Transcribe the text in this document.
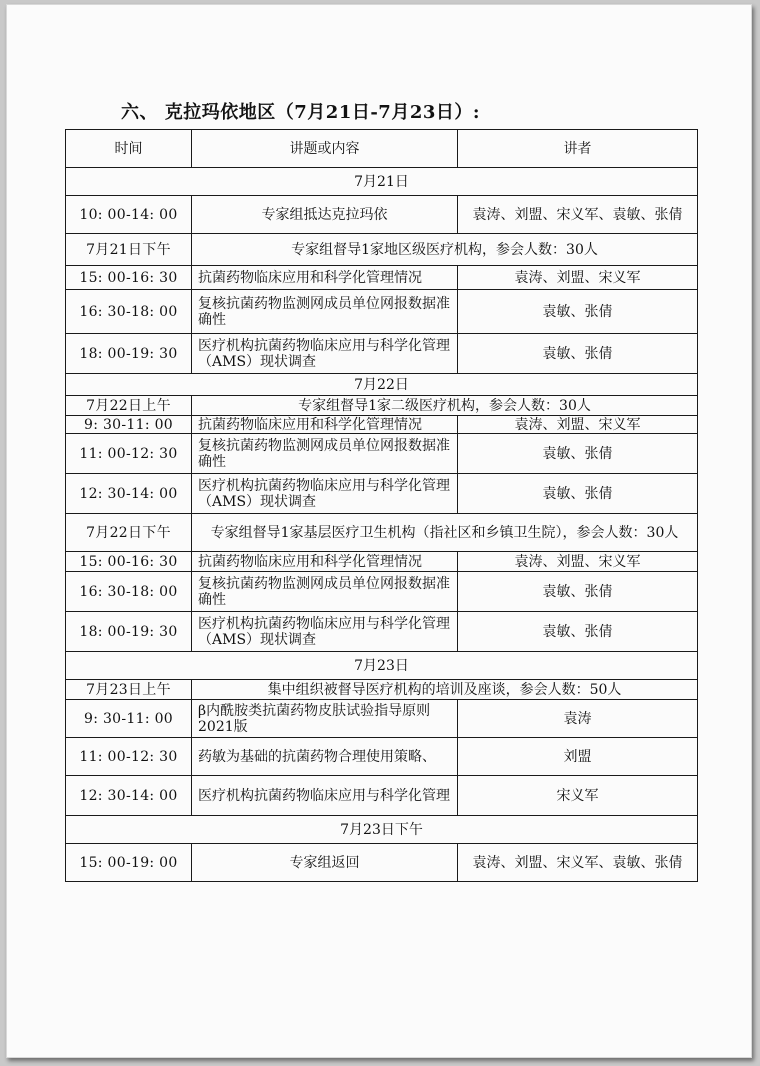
六、 克拉玛依地区（7月21日-7月23日）:
时间	讲题或内容	讲者
7月21日		
10: 00-14: 00	专家组抵达克拉玛依	袁涛、刘盟、宋义军、袁敏、张倩
7月21日下午	专家组督导1家地区级医疗机构，参会人数：30人	
15: 00-16: 30	抗菌药物临床应用和科学化管理情况	袁涛、刘盟、宋义军
16: 30-18: 00	复核抗菌药物监测网成员单位网报数据准确性	袁敏、张倩
18: 00-19: 30	医疗机构抗菌药物临床应用与科学化管理（AMS）现状调查	袁敏、张倩
7月22日		
7月22日上午	专家组督导1家二级医疗机构，参会人数：30人	
9: 30-11: 00	抗菌药物临床应用和科学化管理情况	袁涛、刘盟、宋义军
11: 00-12: 30	复核抗菌药物监测网成员单位网报数据准确性	袁敏、张倩
12: 30-14: 00	医疗机构抗菌药物临床应用与科学化管理（AMS）现状调查	袁敏、张倩
7月22日下午	专家组督导1家基层医疗卫生机构（指社区和乡镇卫生院），参会人数：30人	
15: 00-16: 30	抗菌药物临床应用和科学化管理情况	袁涛、刘盟、宋义军
16: 30-18: 00	复核抗菌药物监测网成员单位网报数据准确性	袁敏、张倩
18: 00-19: 30	医疗机构抗菌药物临床应用与科学化管理（AMS）现状调查	袁敏、张倩
7月23日		
7月23日上午	集中组织被督导医疗机构的培训及座谈，参会人数：50人	
9: 30-11: 00	β内酰胺类抗菌药物皮肤试验指导原则2021版	袁涛
11: 00-12: 30	药敏为基础的抗菌药物合理使用策略、	刘盟
12: 30-14: 00	医疗机构抗菌药物临床应用与科学化管理	宋义军
7月23日下午		
15: 00-19: 00	专家组返回	袁涛、刘盟、宋义军、袁敏、张倩
